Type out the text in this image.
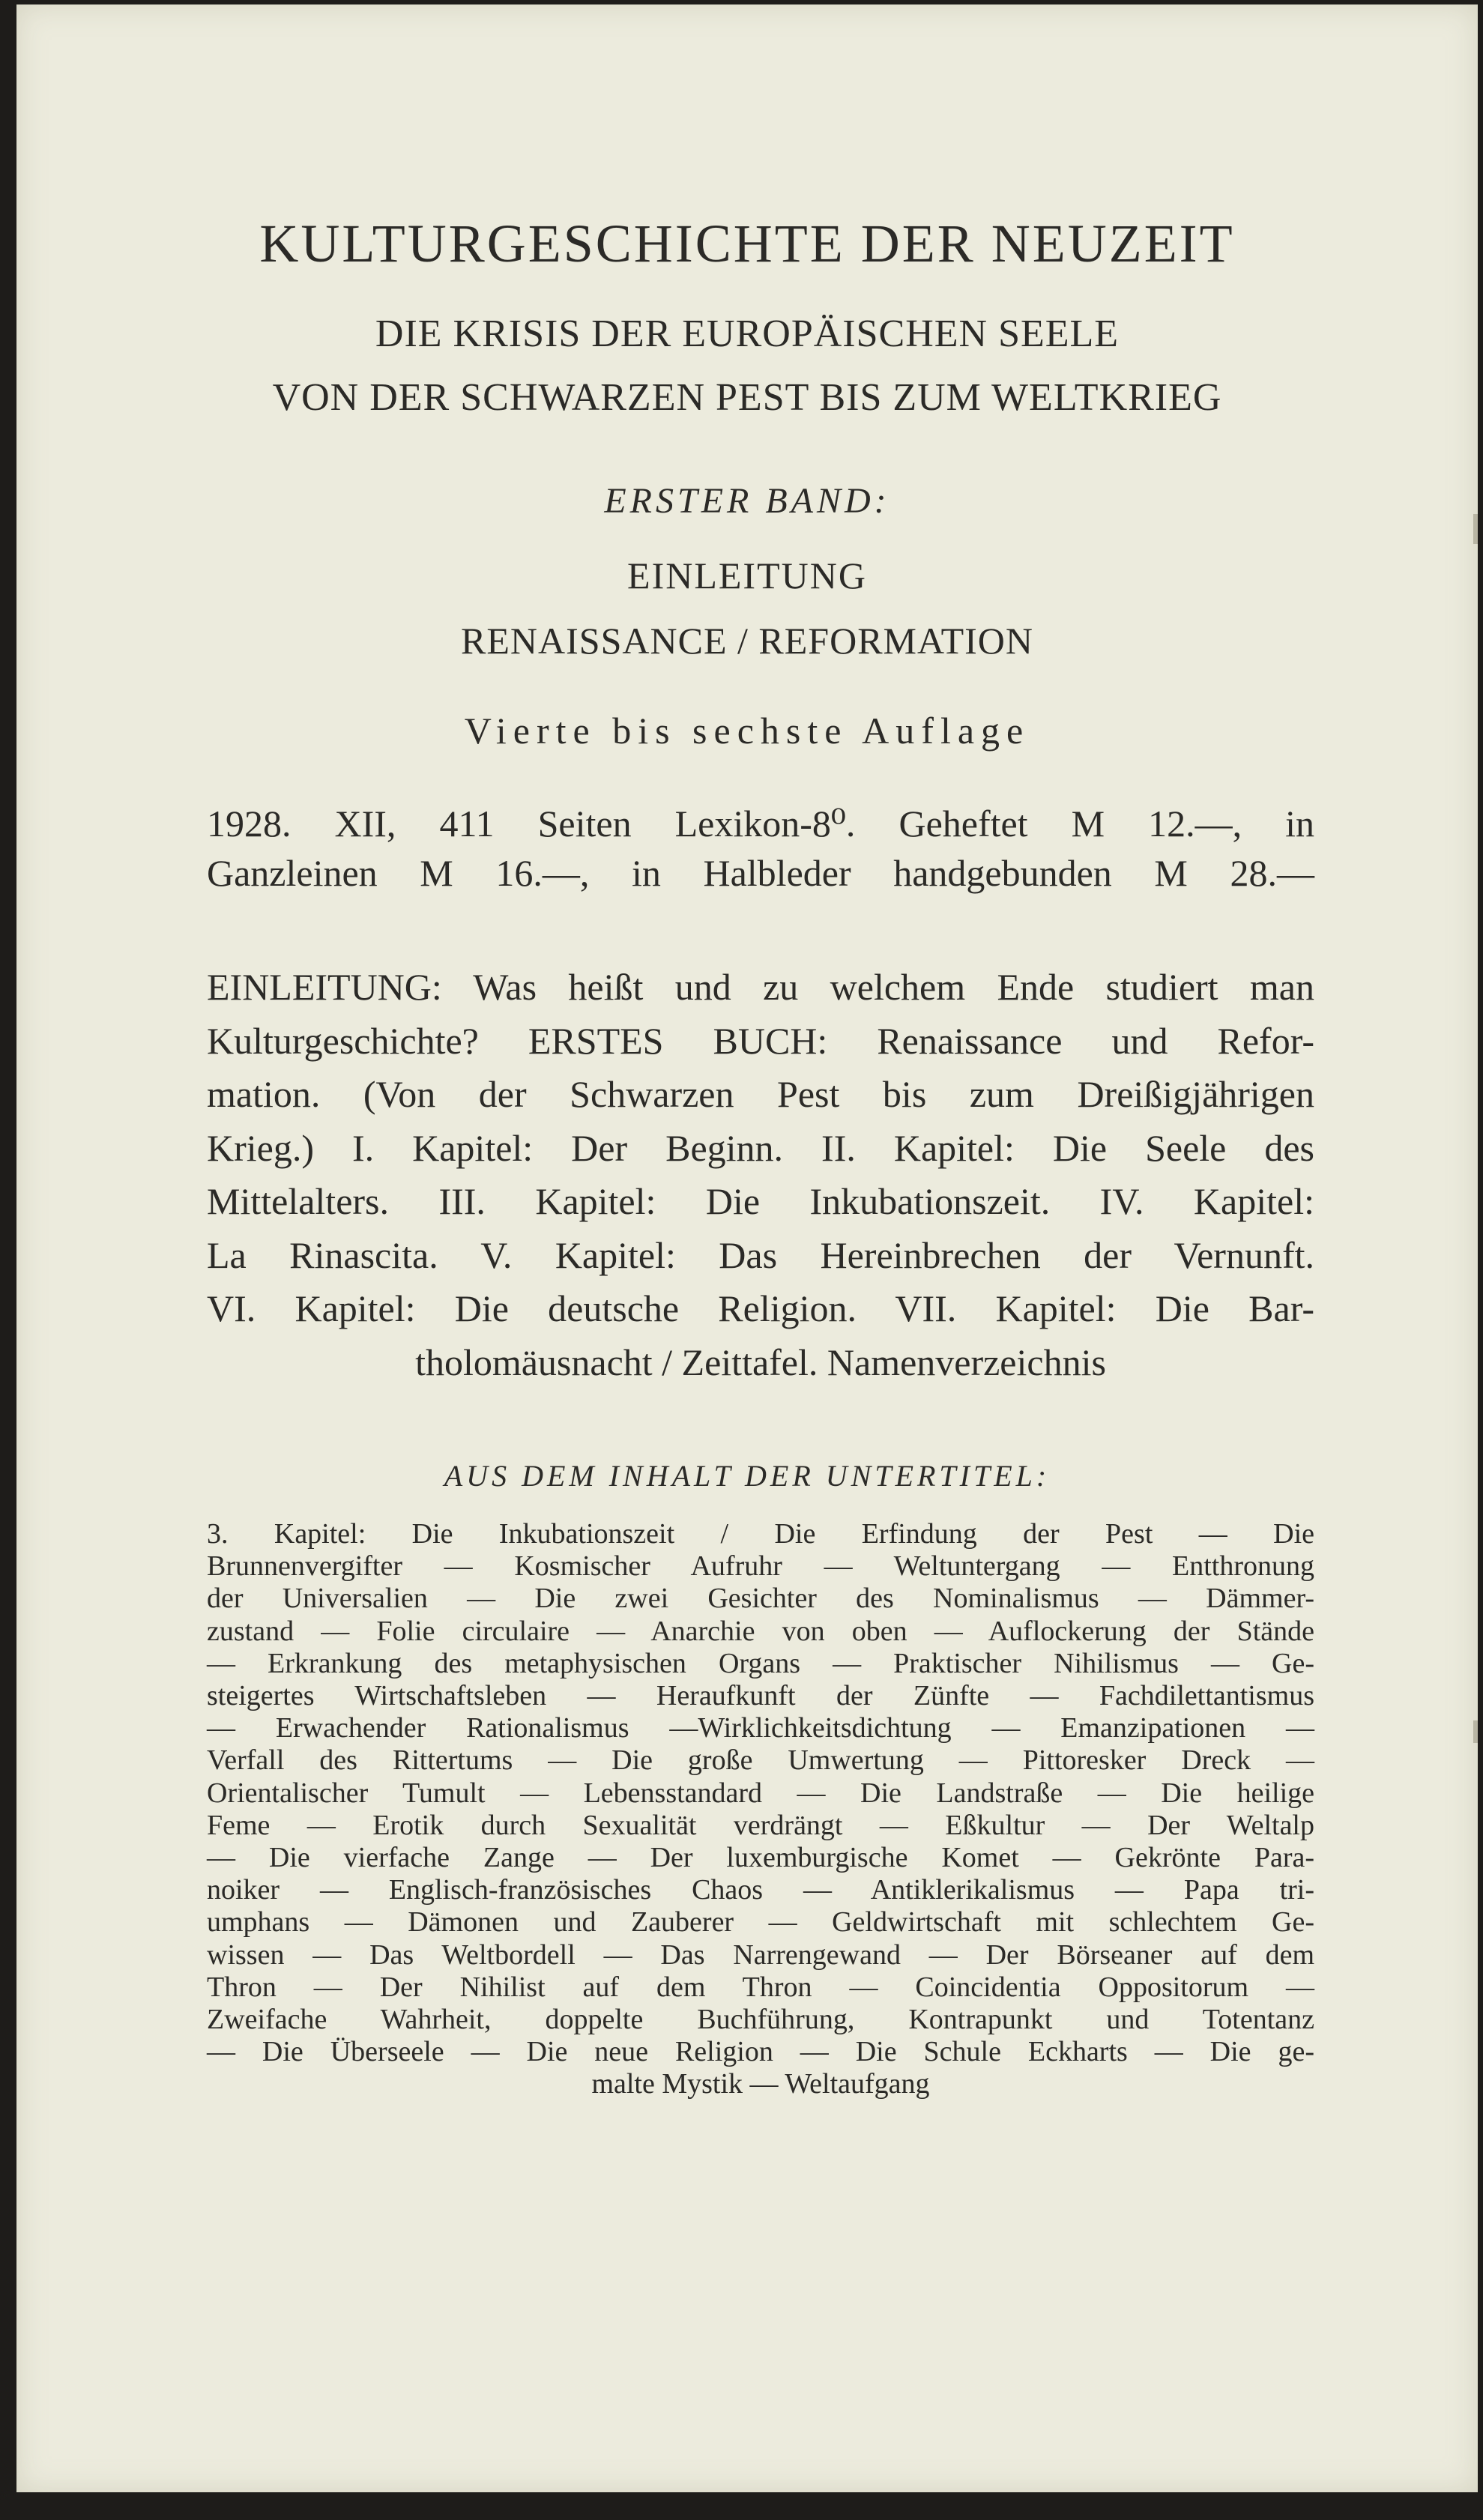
KULTURGESCHICHTE DER NEUZEIT
DIE KRISIS DER EUROPÄISCHEN SEELE
VON DER SCHWARZEN PEST BIS ZUM WELTKRIEG
ERSTER BAND:
EINLEITUNG
RENAISSANCE / REFORMATION
Vierte bis sechste Auflage
1928. XII, 411 Seiten Lexikon-8⁰. Geheftet M 12.—, in
Ganzleinen M 16.—, in Halbleder handgebunden M 28.—
EINLEITUNG: Was heißt und zu welchem Ende studiert man
Kulturgeschichte? ERSTES BUCH: Renaissance und Refor-
mation. (Von der Schwarzen Pest bis zum Dreißigjährigen
Krieg.) I. Kapitel: Der Beginn. II. Kapitel: Die Seele des
Mittelalters. III. Kapitel: Die Inkubationszeit. IV. Kapitel:
La Rinascita. V. Kapitel: Das Hereinbrechen der Vernunft.
VI. Kapitel: Die deutsche Religion. VII. Kapitel: Die Bar-
tholomäusnacht / Zeittafel. Namenverzeichnis
AUS DEM INHALT DER UNTERTITEL:
3. Kapitel: Die Inkubationszeit / Die Erfindung der Pest — Die
Brunnenvergifter — Kosmischer Aufruhr — Weltuntergang — Entthronung
der Universalien — Die zwei Gesichter des Nominalismus — Dämmer-
zustand — Folie circulaire — Anarchie von oben — Auflockerung der Stände
— Erkrankung des metaphysischen Organs — Praktischer Nihilismus — Ge-
steigertes Wirtschaftsleben — Heraufkunft der Zünfte — Fachdilettantismus
— Erwachender Rationalismus —Wirklichkeitsdichtung — Emanzipationen —
Verfall des Rittertums — Die große Umwertung — Pittoresker Dreck —
Orientalischer Tumult — Lebensstandard — Die Landstraße — Die heilige
Feme — Erotik durch Sexualität verdrängt — Eßkultur — Der Weltalp
— Die vierfache Zange — Der luxemburgische Komet — Gekrönte Para-
noiker — Englisch-französisches Chaos — Antiklerikalismus — Papa tri-
umphans — Dämonen und Zauberer — Geldwirtschaft mit schlechtem Ge-
wissen — Das Weltbordell — Das Narrengewand — Der Börseaner auf dem
Thron — Der Nihilist auf dem Thron — Coincidentia Oppositorum —
Zweifache Wahrheit, doppelte Buchführung, Kontrapunkt und Totentanz
— Die Überseele — Die neue Religion — Die Schule Eckharts — Die ge-
malte Mystik — Weltaufgang
